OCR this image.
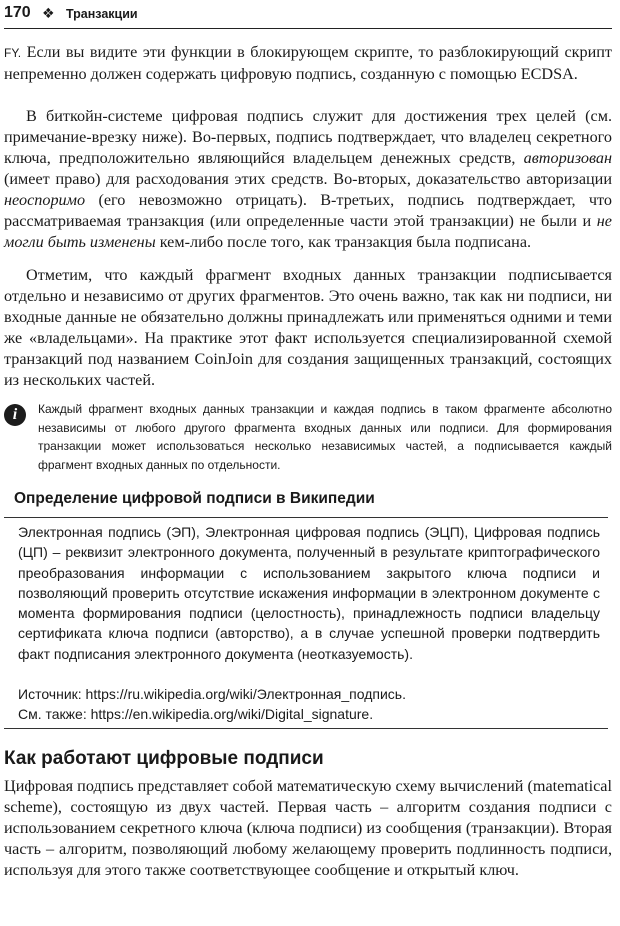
170 ❖ Транзакции

FY. Если вы видите эти функции в блокирующем скрипте, то разблокирующий скрипт непременно должен содержать цифровую подпись, созданную с помощью ECDSA.

В биткойн-системе цифровая подпись служит для достижения трех целей (см. примечание-врезку ниже). Во-первых, подпись подтверждает, что владелец секретного ключа, предположительно являющийся владельцем денежных средств, авторизован (имеет право) для расходования этих средств. Во-вторых, доказательство авторизации неоспоримо (его невозможно отрицать). В-третьих, подпись подтверждает, что рассматриваемая транзакция (или определенные части этой транзакции) не были и не могли быть изменены кем-либо после того, как транзакция была подписана.

Отметим, что каждый фрагмент входных данных транзакции подписывается отдельно и независимо от других фрагментов. Это очень важно, так как ни подписи, ни входные данные не обязательно должны принадлежать или применяться одними и теми же «владельцами». На практике этот факт используется специализированной схемой транзакций под названием CoinJoin для создания защищенных транзакций, состоящих из нескольких частей.

i	Каждый фрагмент входных данных транзакции и каждая подпись в таком фрагменте абсолютно независимы от любого другого фрагмента входных данных или подписи. Для формирования транзакции может использоваться несколько независимых частей, а подписывается каждый фрагмент входных данных по отдельности.

Определение цифровой подписи в Википедии

Электронная подпись (ЭП), Электронная цифровая подпись (ЭЦП), Цифровая подпись (ЦП) – реквизит электронного документа, полученный в результате криптографического преобразования информации с использованием закрытого ключа подписи и позволяющий проверить отсутствие искажения информации в электронном документе с момента формирования подписи (целостность), принадлежность подписи владельцу сертификата ключа подписи (авторство), а в случае успешной проверки подтвердить факт подписания электронного документа (неотказуемость).

Источник: https://ru.wikipedia.org/wiki/Электронная_подпись.

См. также: https://en.wikipedia.org/wiki/Digital_signature.

Как работают цифровые подписи

Цифровая подпись представляет собой математическую схему вычислений (matematical scheme), состоящую из двух частей. Первая часть – алгоритм создания подписи с использованием секретного ключа (ключа подписи) из сообщения (транзакции). Вторая часть – алгоритм, позволяющий любому желающему проверить подлинность подписи, используя для этого также соответствующее сообщение и открытый ключ.
